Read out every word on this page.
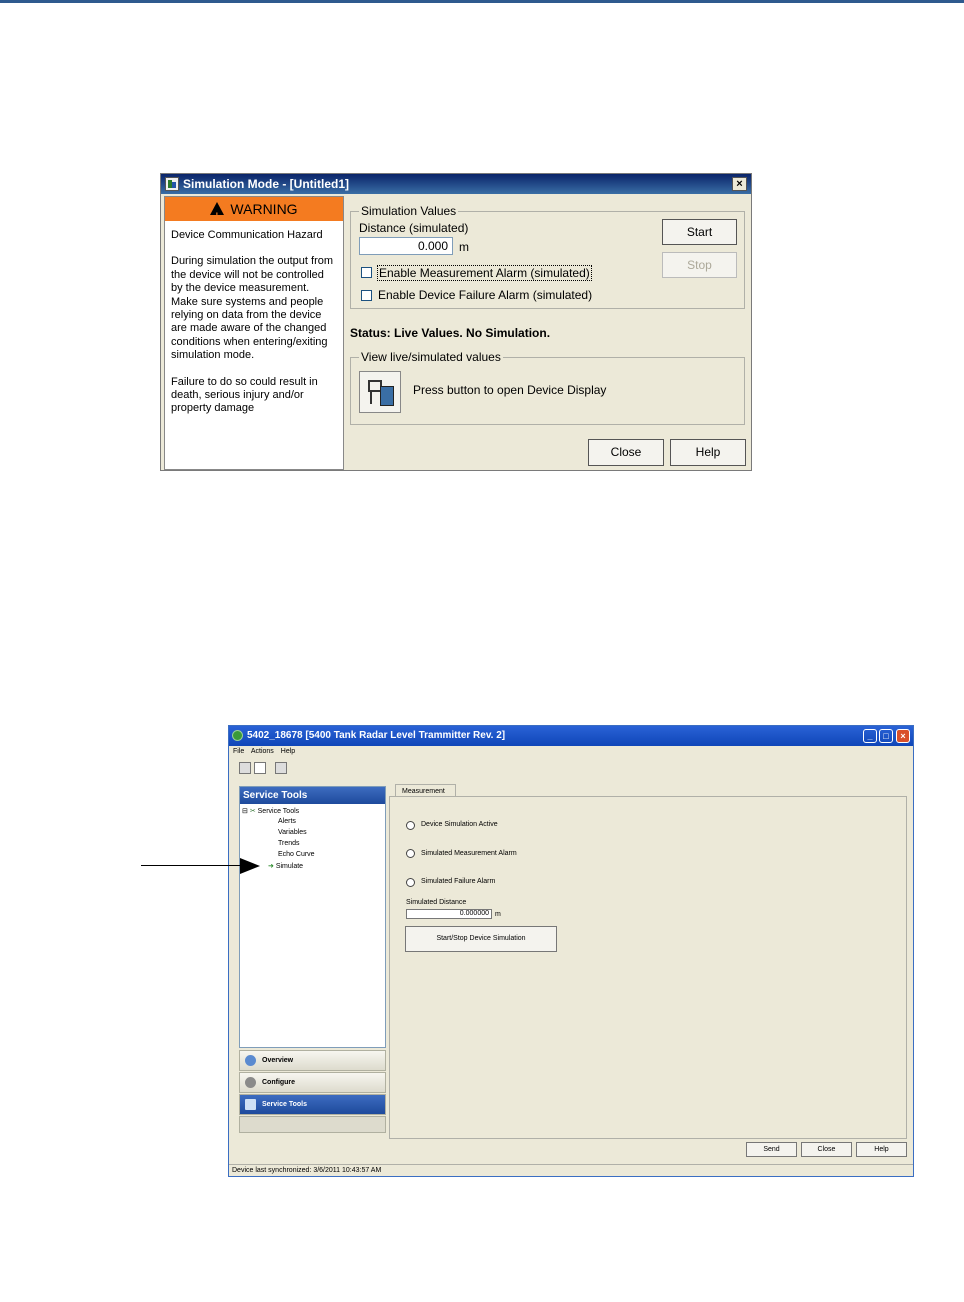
Simulation Mode - [Untitled1]	×
!WARNING

Device Communication Hazard

During simulation the output from the device will not be controlled by the device measurement. Make sure systems and people relying on data from the device are made aware of the changed conditions when entering/exiting simulation mode.

Failure to do so could result in death, serious injury and/or property damage

Simulation Values
Distance (simulated)
0.000 m
Enable Measurement Alarm (simulated)
Enable Device Failure Alarm (simulated)
Start
Stop
Status: Live Values. No Simulation.
View live/simulated values
Press button to open Device Display
Close	Help
5402_18678 [5400 Tank Radar Level Trammitter Rev. 2]	_	□	×
File Actions Help
Service Tools
⊟ ✂ Service Tools
Alerts
Variables
Trends
Echo Curve
➜ Simulate
Overview
Configure
Service Tools
Measurement
Device Simulation Active
Simulated Measurement Alarm
Simulated Failure Alarm
Simulated Distance
0.000000 m
Start/Stop Device Simulation
Send	Close	Help
Device last synchronized: 3/6/2011 10:43:57 AM
